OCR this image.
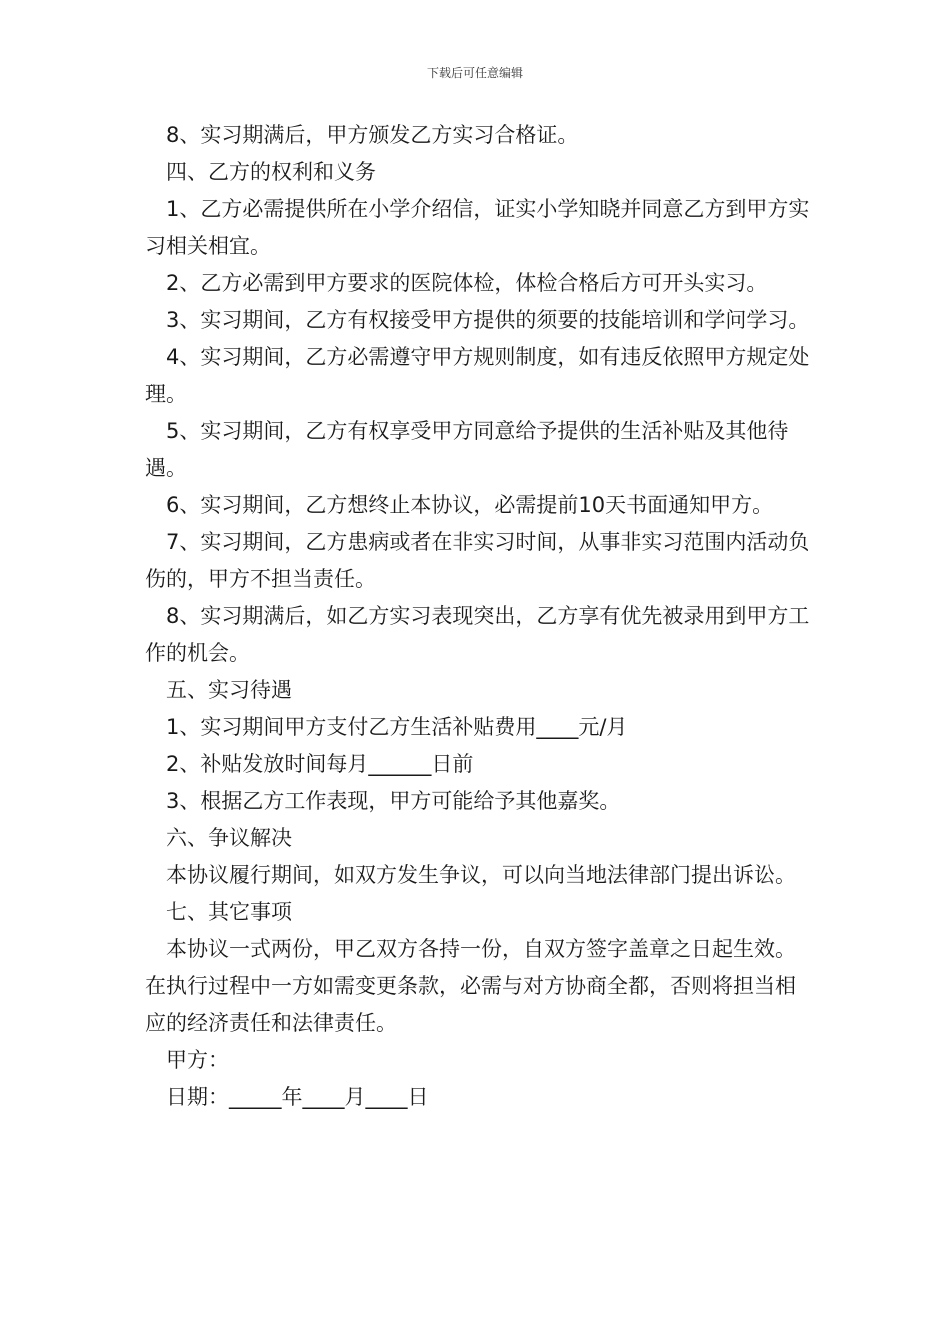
下载后可任意编辑

8、实习期满后，甲方颁发乙方实习合格证。

四、乙方的权利和义务

1、乙方必需提供所在小学介绍信，证实小学知晓并同意乙方到甲方实习相关相宜。

2、乙方必需到甲方要求的医院体检，体检合格后方可开头实习。

3、实习期间，乙方有权接受甲方提供的须要的技能培训和学问学习。

4、实习期间，乙方必需遵守甲方规则制度，如有违反依照甲方规定处理。

5、实习期间，乙方有权享受甲方同意给予提供的生活补贴及其他待遇。

6、实习期间，乙方想终止本协议，必需提前10天书面通知甲方。

7、实习期间，乙方患病或者在非实习时间，从事非实习范围内活动负伤的，甲方不担当责任。

8、实习期满后，如乙方实习表现突出，乙方享有优先被录用到甲方工作的机会。

五、实习待遇

1、实习期间甲方支付乙方生活补贴费用____元/月

2、补贴发放时间每月______日前

3、根据乙方工作表现，甲方可能给予其他嘉奖。

六、争议解决

本协议履行期间，如双方发生争议，可以向当地法律部门提出诉讼。

七、其它事项

本协议一式两份，甲乙双方各持一份，自双方签字盖章之日起生效。在执行过程中一方如需变更条款，必需与对方协商全都，否则将担当相应的经济责任和法律责任。

甲方：

日期：_____年____月____日
